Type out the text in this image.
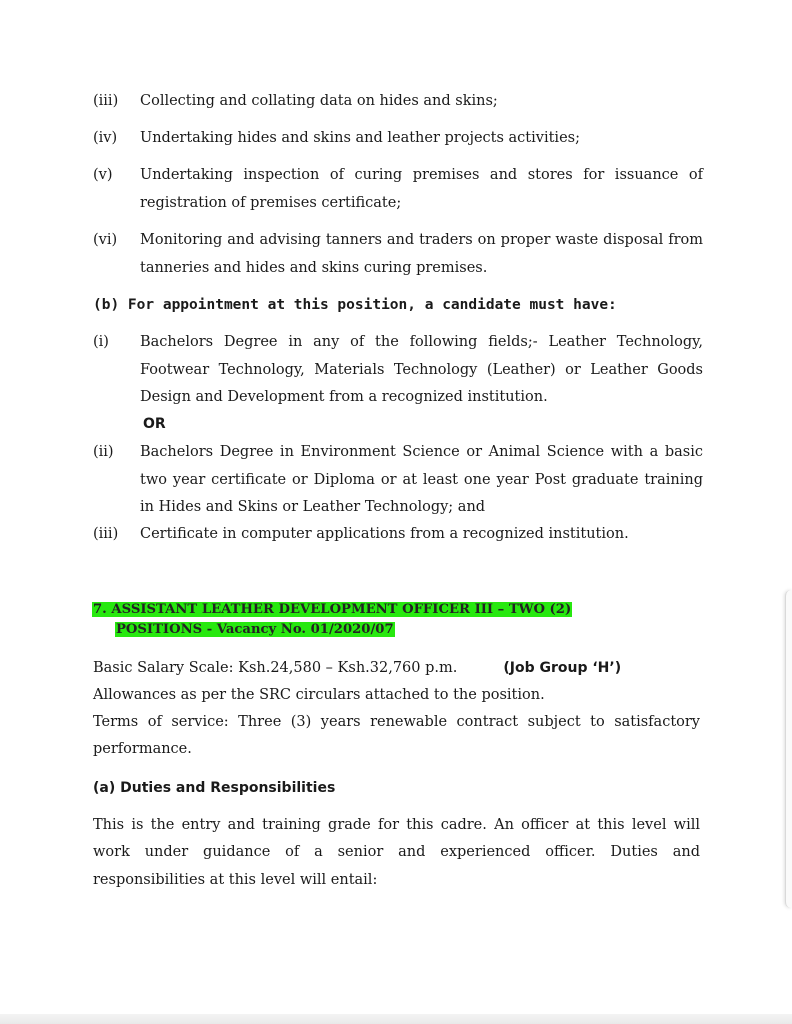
(iii) Collecting and collating data on hides and skins;
(iv) Undertaking hides and skins and leather projects activities;
(v) Undertaking inspection of curing premises and stores for issuance of registration of premises certificate;
(vi) Monitoring and advising tanners and traders on proper waste disposal from tanneries and hides and skins curing premises.
(b) For appointment at this position, a candidate must have:
(i) Bachelors Degree in any of the following fields;- Leather Technology, Footwear Technology, Materials Technology (Leather) or Leather Goods Design and Development from a recognized institution.
OR
(ii) Bachelors Degree in Environment Science or Animal Science with a basic two year certificate or Diploma or at least one year Post graduate training in Hides and Skins or Leather Technology; and
(iii) Certificate in computer applications from a recognized institution.
7. ASSISTANT LEATHER DEVELOPMENT OFFICER III – TWO (2)
POSITIONS - Vacancy No. 01/2020/07
Basic Salary Scale: Ksh.24,580 – Ksh.32,760 p.m.	(Job Group ‘H’)
Allowances as per the SRC circulars attached to the position.
Terms of service: Three (3) years renewable contract subject to satisfactory performance.
(a) Duties and Responsibilities
This is the entry and training grade for this cadre. An officer at this level will work under guidance of a senior and experienced officer. Duties and responsibilities at this level will entail:
